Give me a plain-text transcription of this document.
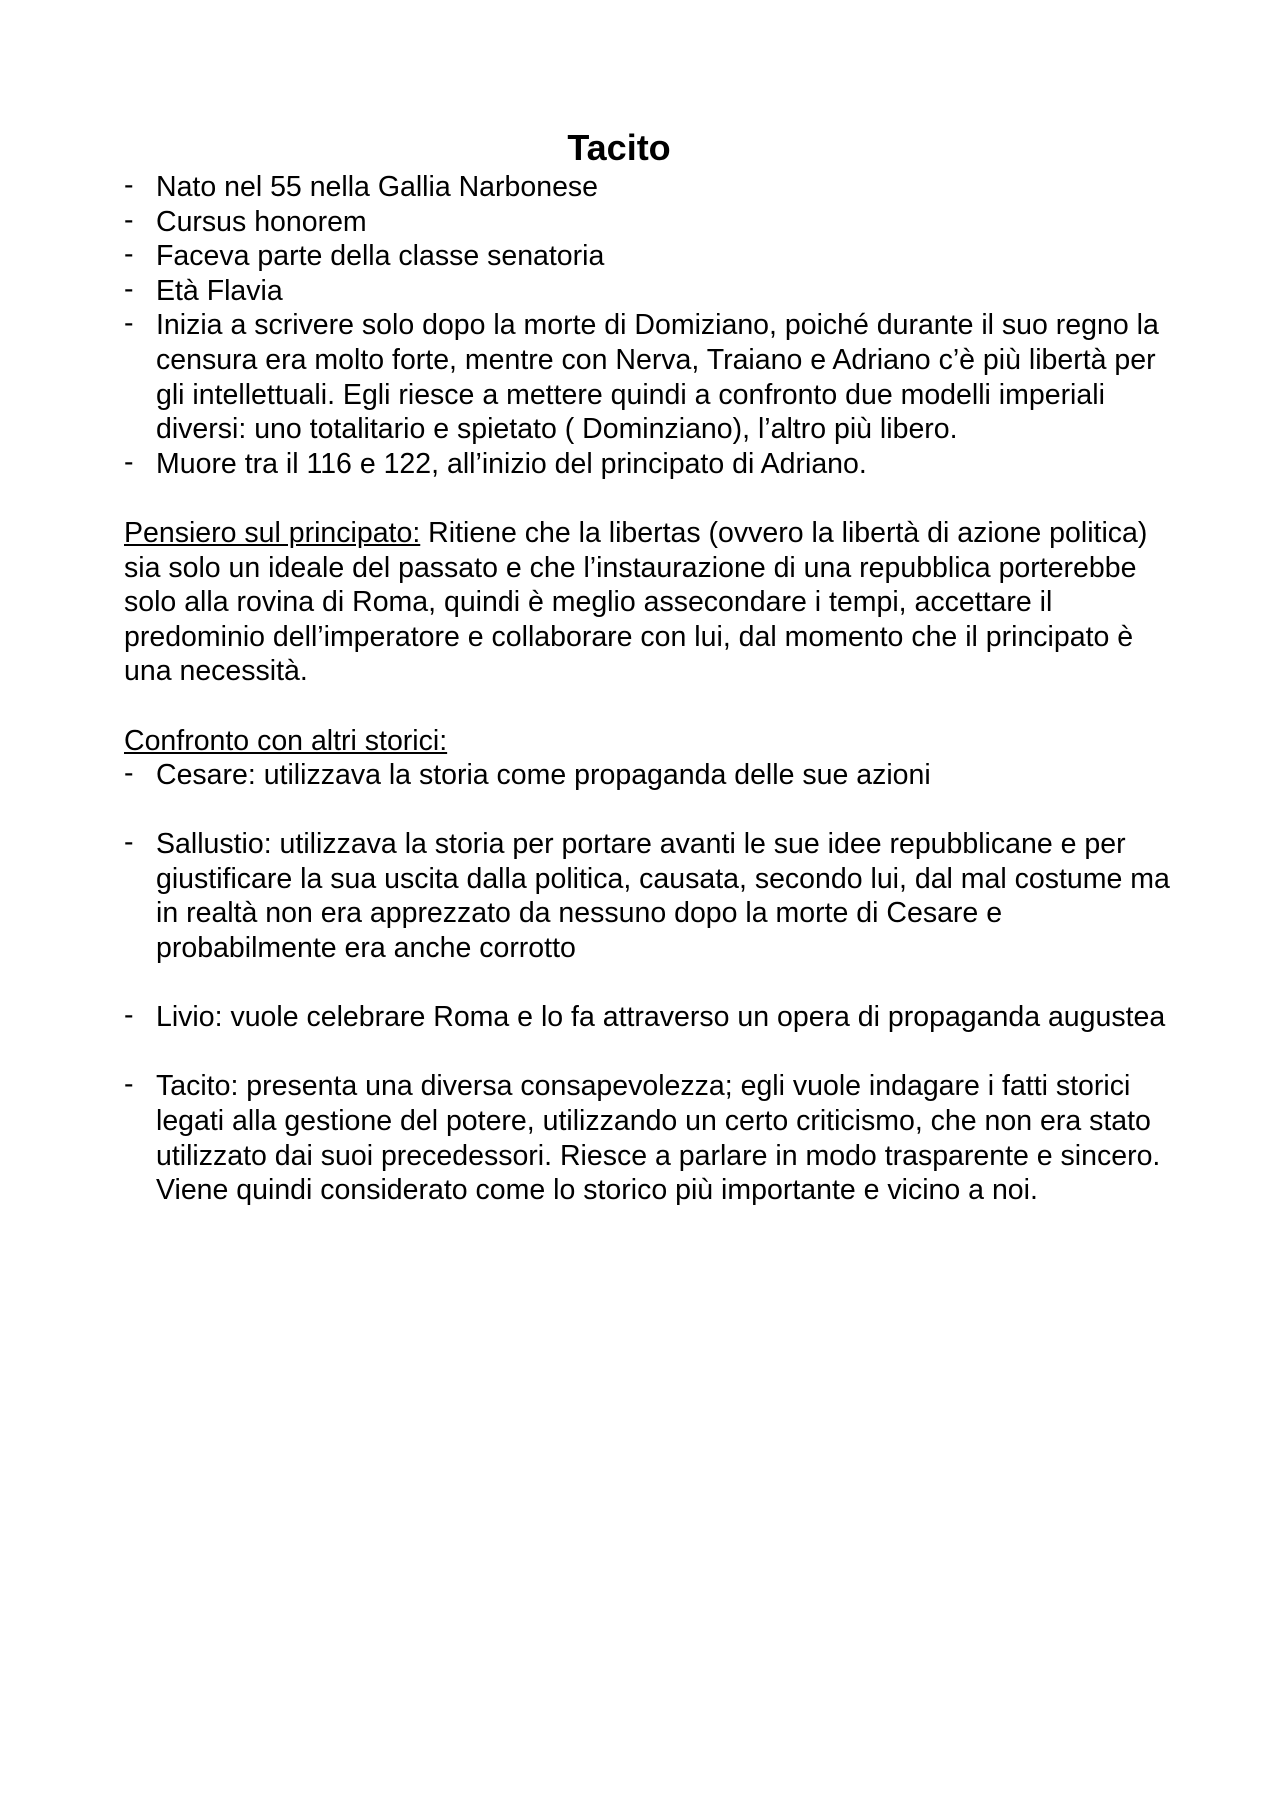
Tacito
- Nato nel 55 nella Gallia Narbonese
- Cursus honorem
- Faceva parte della classe senatoria
- Età Flavia
- Inizia a scrivere solo dopo la morte di Domiziano, poiché durante il suo regno la censura era molto forte, mentre con Nerva, Traiano e Adriano c’è più libertà per gli intellettuali. Egli riesce a mettere quindi a confronto due modelli imperiali diversi: uno totalitario e spietato ( Dominziano), l’altro più libero.
- Muore tra il 116 e 122, all’inizio del principato di Adriano.

Pensiero sul principato: Ritiene che la libertas (ovvero la libertà di azione politica) sia solo un ideale del passato e che l’instaurazione di una repubblica porterebbe solo alla rovina di Roma, quindi è meglio assecondare i tempi, accettare il predominio dell’imperatore e collaborare con lui, dal momento che il principato è una necessità.

Confronto con altri storici:
- Cesare: utilizzava la storia come propaganda delle sue azioni
- Sallustio: utilizzava la storia per portare avanti le sue idee repubblicane e per giustificare la sua uscita dalla politica, causata, secondo lui, dal mal costume ma in realtà non era apprezzato da nessuno dopo la morte di Cesare e probabilmente era anche corrotto
- Livio: vuole celebrare Roma e lo fa attraverso un opera di propaganda augustea
- Tacito: presenta una diversa consapevolezza; egli vuole indagare i fatti storici legati alla gestione del potere, utilizzando un certo criticismo, che non era stato utilizzato dai suoi precedessori. Riesce a parlare in modo trasparente e sincero. Viene quindi considerato come lo storico più importante e vicino a noi.
